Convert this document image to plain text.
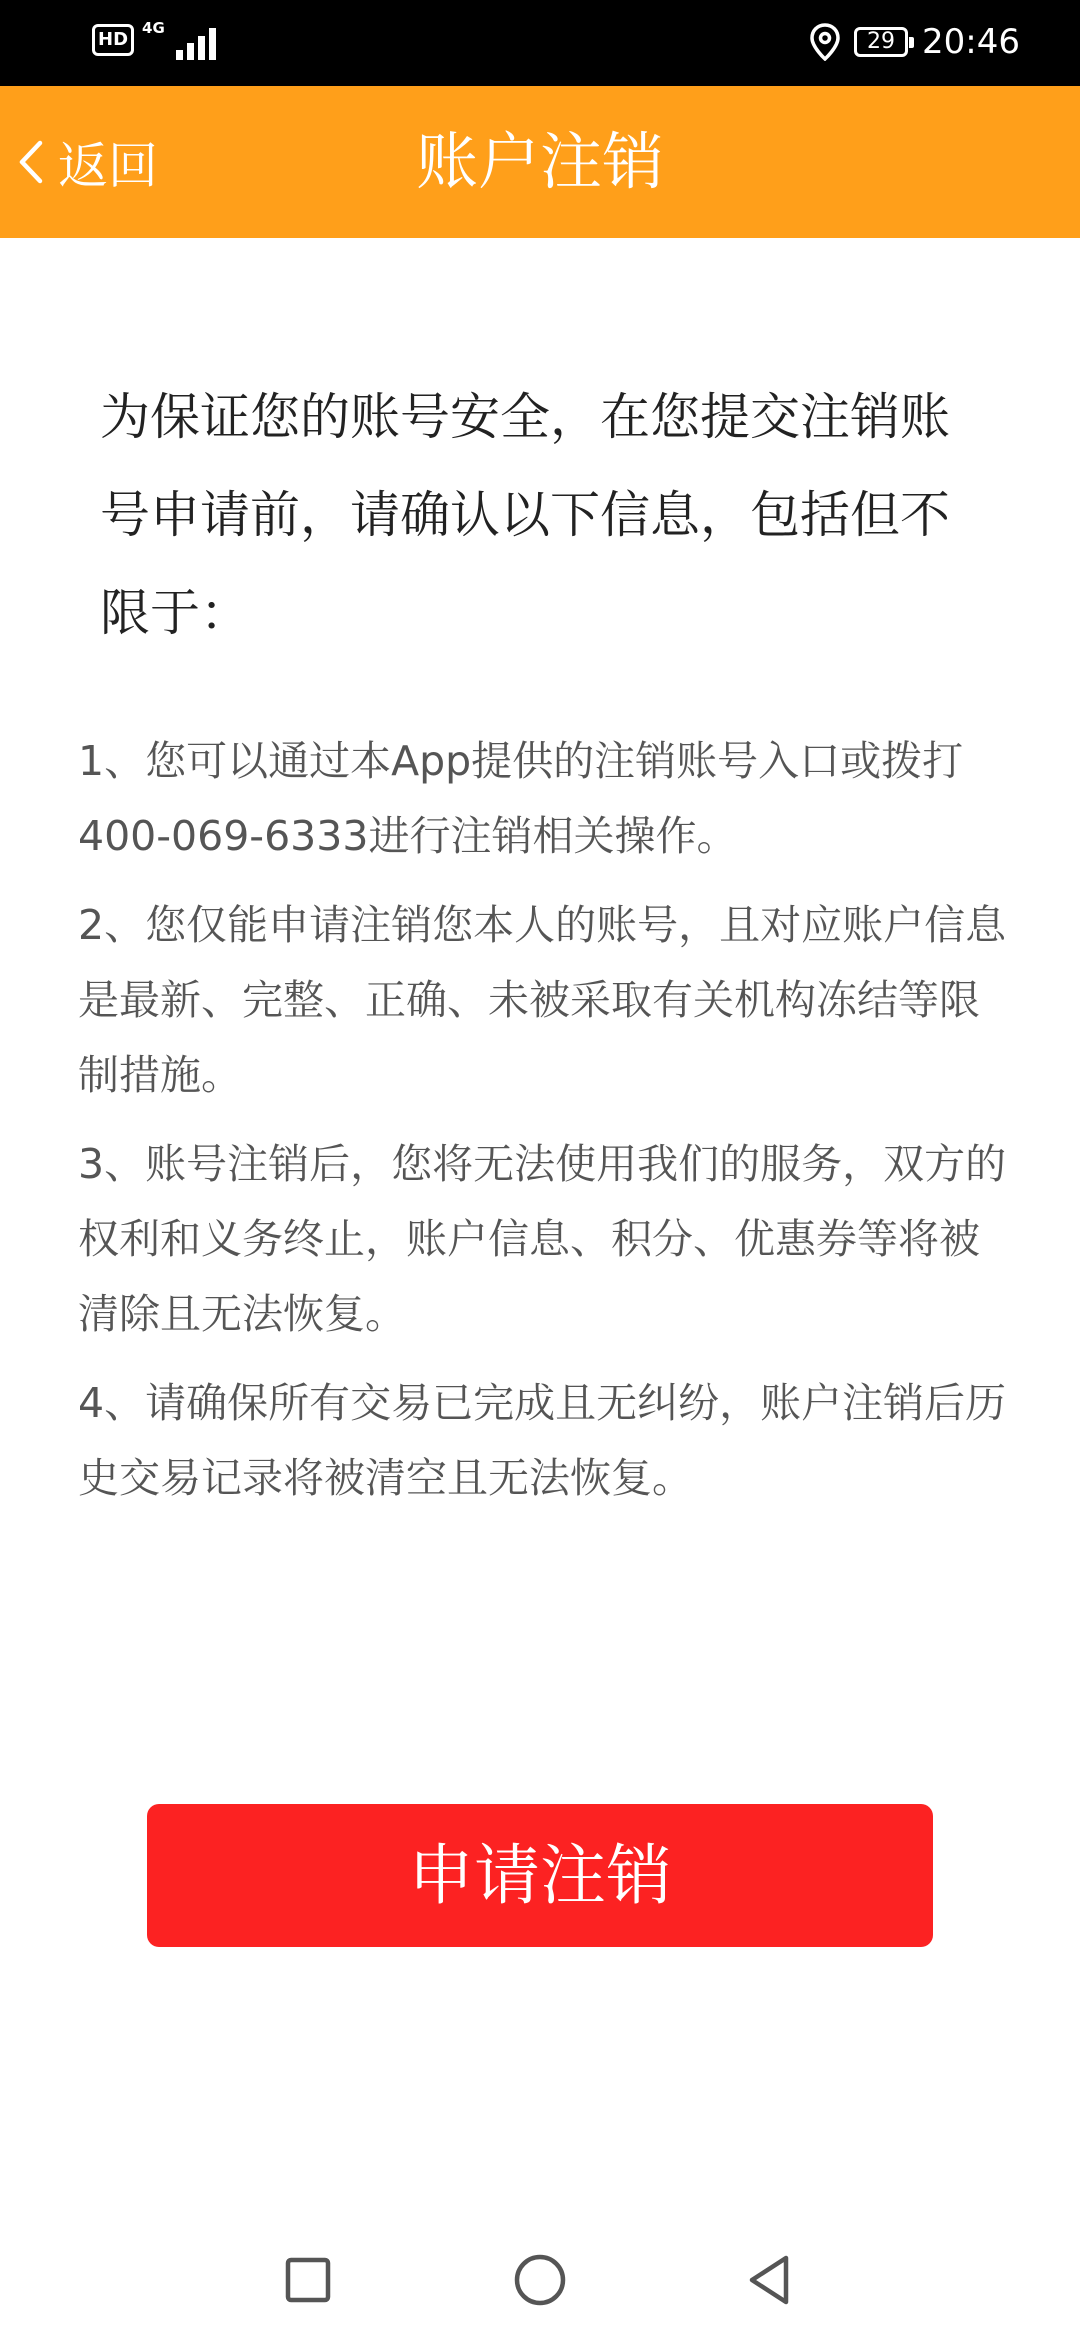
HD
4G
29 20:46
账户注销
返回
为保证您的账号安全，在您提交注销账号申请前，请确认以下信息，包括但不限于：
1、您可以通过本App提供的注销账号入口或拨打400-069-6333进行注销相关操作。
2、您仅能申请注销您本人的账号，且对应账户信息是最新、完整、正确、未被采取有关机构冻结等限制措施。
3、账号注销后，您将无法使用我们的服务，双方的权利和义务终止，账户信息、积分、优惠券等将被清除且无法恢复。
4、请确保所有交易已完成且无纠纷，账户注销后历史交易记录将被清空且无法恢复。
申请注销
